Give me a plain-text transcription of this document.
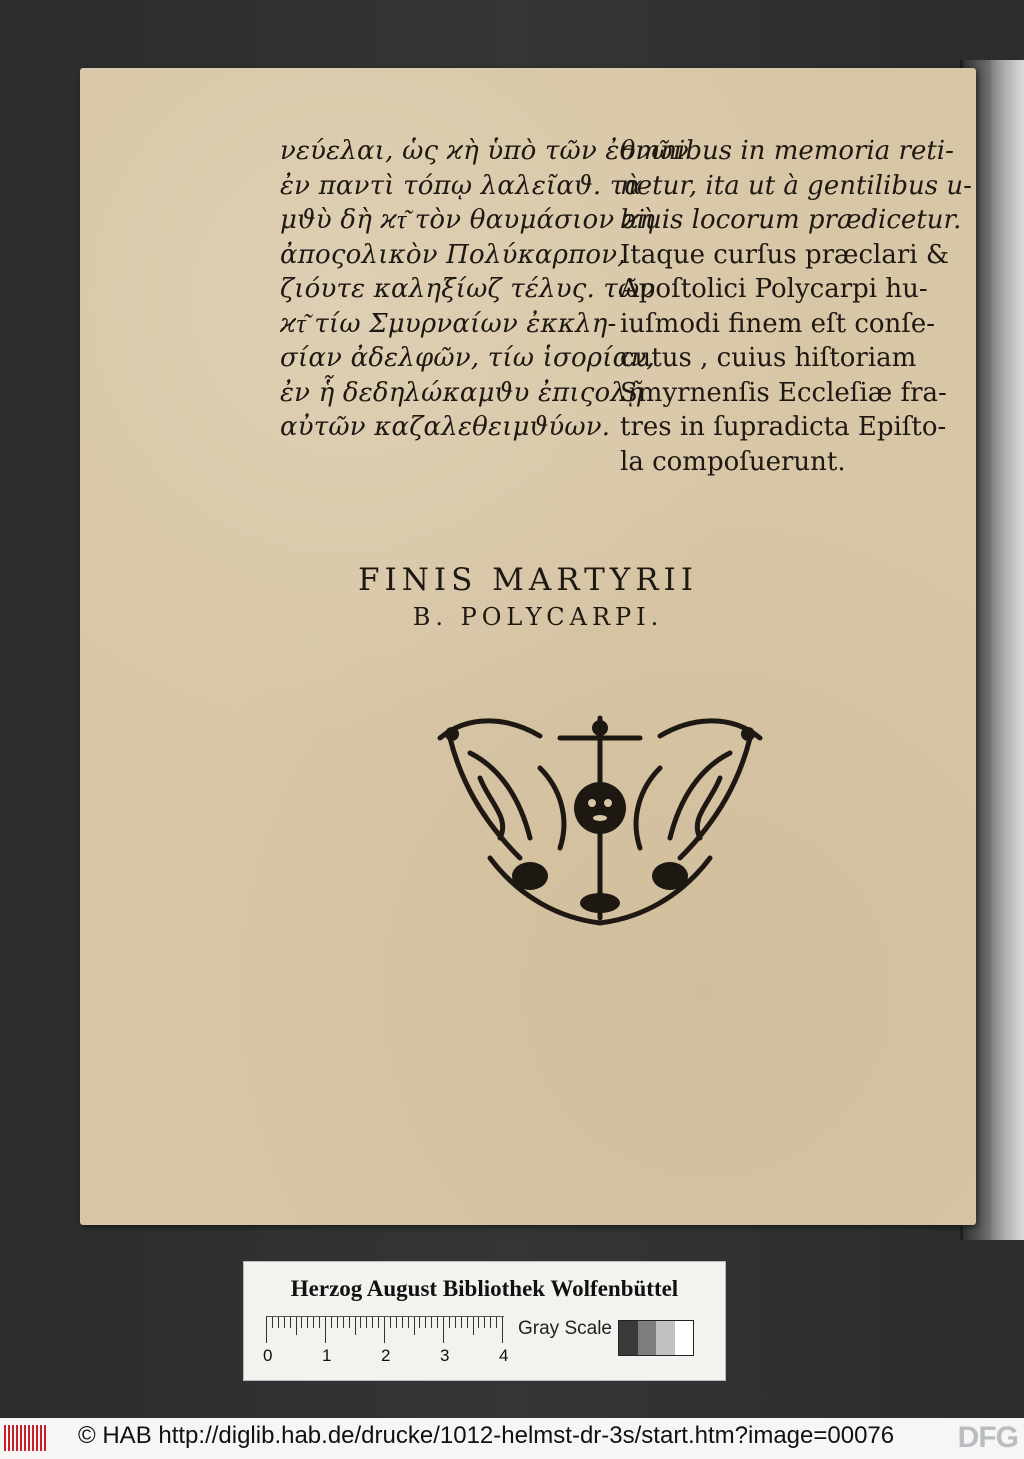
νεύελαι, ὡς ϰὴ ὑπὸ τῶν ἐθνῶν
ἐν παντὶ τόπῳ λαλεῖαϑ. τὰ
μϑὺ δὴ ϰτ͂ τὸν θαυμάσιον ϰὴ
ἀποςολικὸν Πολύκαρπον,
ζιόυτε καληξίωζ τέλυς. τῶν
ϰτ͂ τίω Σμυρναίων ἐκκλη-
σίαν ἀδελφῶν, τίω ἱσορίαν,
ἐν ἧ δεδηλώκαμϑυ ἐπιςολῇ
αὐτῶν καζαλεθειμϑύων.
omnibus in memoria reti-
netur, ita ut à gentilibus u-
biuis locorum prædicetur.
Itaque curſus præclari &
Apoſtolici Polycarpi hu-
iuſmodi finem eſt conſe-
cutus , cuius hiſtoriam
Smyrnenſis Eccleſiæ fra-
tres in ſupradicta Epiſto-
la compoſuerunt.
FINIS MARTYRII
B. POLYCARPI.
Herzog August Bibliothek Wolfenbüttel
0	1	2	3	4
Gray Scale
© HAB http://diglib.hab.de/drucke/1012-helmst-dr-3s/start.htm?image=00076 DFG
